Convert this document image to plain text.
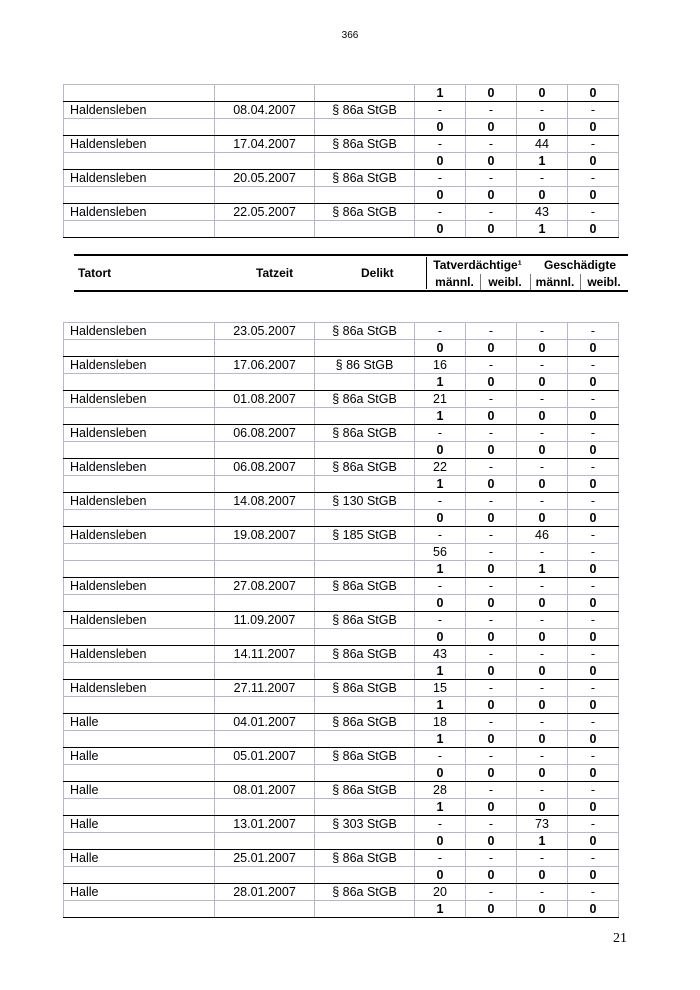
366
			1	0	0	0
Haldensleben	08.04.2007	§ 86a StGB	-	-	-	-
			0	0	0	0
Haldensleben	17.04.2007	§ 86a StGB	-	-	44	-
			0	0	1	0
Haldensleben	20.05.2007	§ 86a StGB	-	-	-	-
			0	0	0	0
Haldensleben	22.05.2007	§ 86a StGB	-	-	43	-
			0	0	1	0
Tatort	Tatzeit	Delikt
Tatverdächtige¹	Geschädigte
männl.	weibl.	männl.	weibl.
Haldensleben	23.05.2007	§ 86a StGB	-	-	-	-
			0	0	0	0
Haldensleben	17.06.2007	§ 86 StGB	16	-	-	-
			1	0	0	0
Haldensleben	01.08.2007	§ 86a StGB	21	-	-	-
			1	0	0	0
Haldensleben	06.08.2007	§ 86a StGB	-	-	-	-
			0	0	0	0
Haldensleben	06.08.2007	§ 86a StGB	22	-	-	-
			1	0	0	0
Haldensleben	14.08.2007	§ 130 StGB	-	-	-	-
			0	0	0	0
Haldensleben	19.08.2007	§ 185 StGB	-	-	46	-
			56	-	-	-
			1	0	1	0
Haldensleben	27.08.2007	§ 86a StGB	-	-	-	-
			0	0	0	0
Haldensleben	11.09.2007	§ 86a StGB	-	-	-	-
			0	0	0	0
Haldensleben	14.11.2007	§ 86a StGB	43	-	-	-
			1	0	0	0
Haldensleben	27.11.2007	§ 86a StGB	15	-	-	-
			1	0	0	0
Halle	04.01.2007	§ 86a StGB	18	-	-	-
			1	0	0	0
Halle	05.01.2007	§ 86a StGB	-	-	-	-
			0	0	0	0
Halle	08.01.2007	§ 86a StGB	28	-	-	-
			1	0	0	0
Halle	13.01.2007	§ 303 StGB	-	-	73	-
			0	0	1	0
Halle	25.01.2007	§ 86a StGB	-	-	-	-
			0	0	0	0
Halle	28.01.2007	§ 86a StGB	20	-	-	-
			1	0	0	0
21
